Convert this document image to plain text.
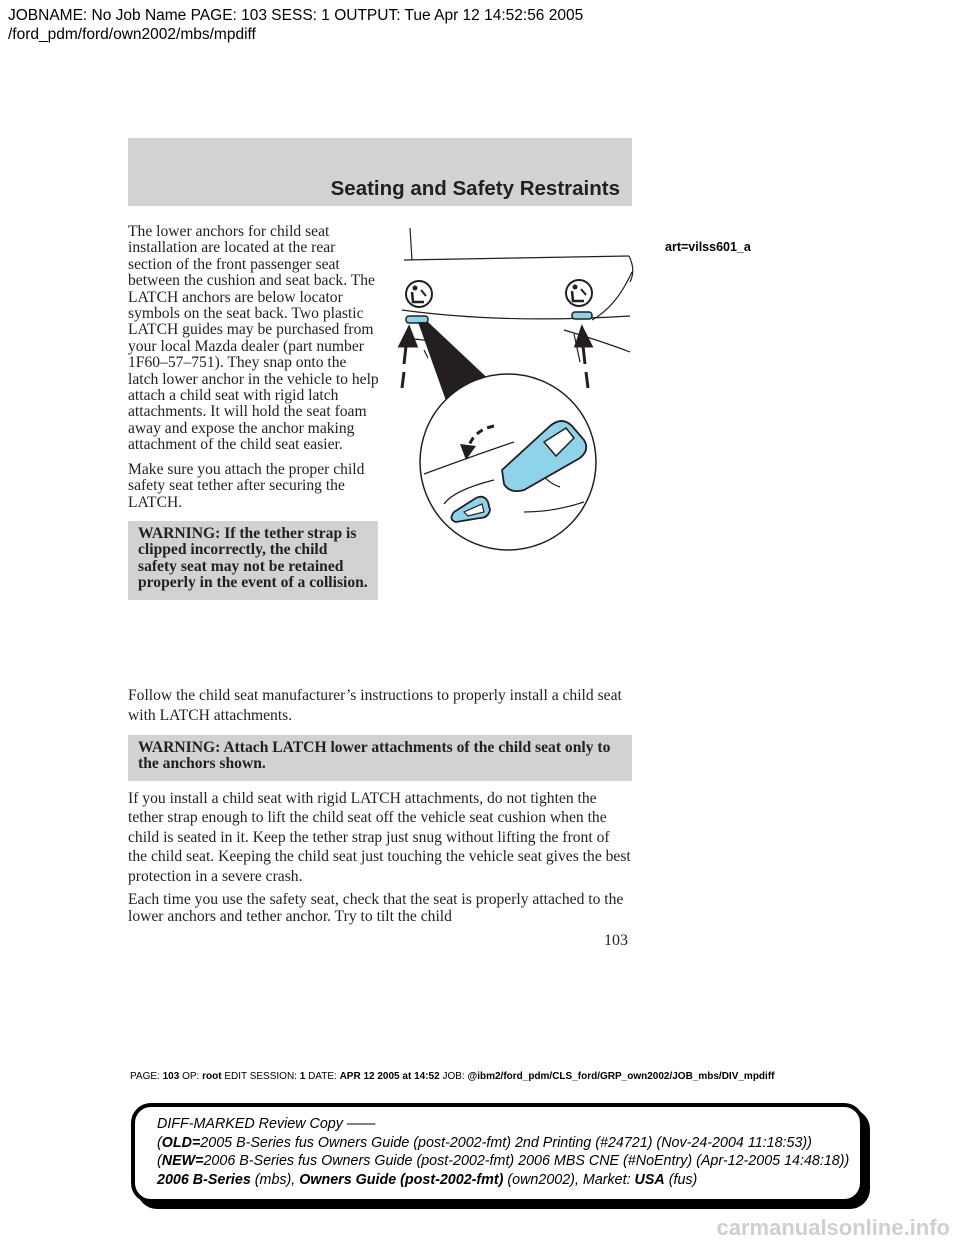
JOBNAME: No Job Name PAGE: 103 SESS: 1 OUTPUT: Tue Apr 12 14:52:56 2005
/ford_pdm/ford/own2002/mbs/mpdiff
Seating and Safety Restraints
art=vilss601_a

The lower anchors for child seat installation are located at the rear section of the front passenger seat between the cushion and seat back. The LATCH anchors are below locator symbols on the seat back. Two plastic LATCH guides may be purchased from your local Mazda dealer (part number 1F60–57–751). They snap onto the latch lower anchor in the vehicle to help attach a child seat with rigid latch attachments. It will hold the seat foam away and expose the anchor making attachment of the child seat easier.

Make sure you attach the proper child safety seat tether after securing the LATCH.

WARNING: If the tether strap is clipped incorrectly, the child safety seat may not be retained properly in the event of a collision.

Follow the child seat manufacturer’s instructions to properly install a child seat with LATCH attachments.

WARNING: Attach LATCH lower attachments of the child seat only to the anchors shown.

If you install a child seat with rigid LATCH attachments, do not tighten the tether strap enough to lift the child seat off the vehicle seat cushion when the child is seated in it. Keep the tether strap just snug without lifting the front of the child seat. Keeping the child seat just touching the vehicle seat gives the best protection in a severe crash.

Each time you use the safety seat, check that the seat is properly attached to the lower anchors and tether anchor. Try to tilt the child

103
PAGE: 103 OP: root EDIT SESSION: 1 DATE: APR 12 2005 at 14:52 JOB: @ibm2/ford_pdm/CLS_ford/GRP_own2002/JOB_mbs/DIV_mpdiff
DIFF-MARKED Review Copy ——
(OLD=2005 B-Series fus Owners Guide (post-2002-fmt) 2nd Printing (#24721) (Nov-24-2004 11:18:53))
(NEW=2006 B-Series fus Owners Guide (post-2002-fmt) 2006 MBS CNE (#NoEntry) (Apr-12-2005 14:48:18))
2006 B-Series (mbs), Owners Guide (post-2002-fmt) (own2002), Market: USA (fus)
carmanualsonline.info
